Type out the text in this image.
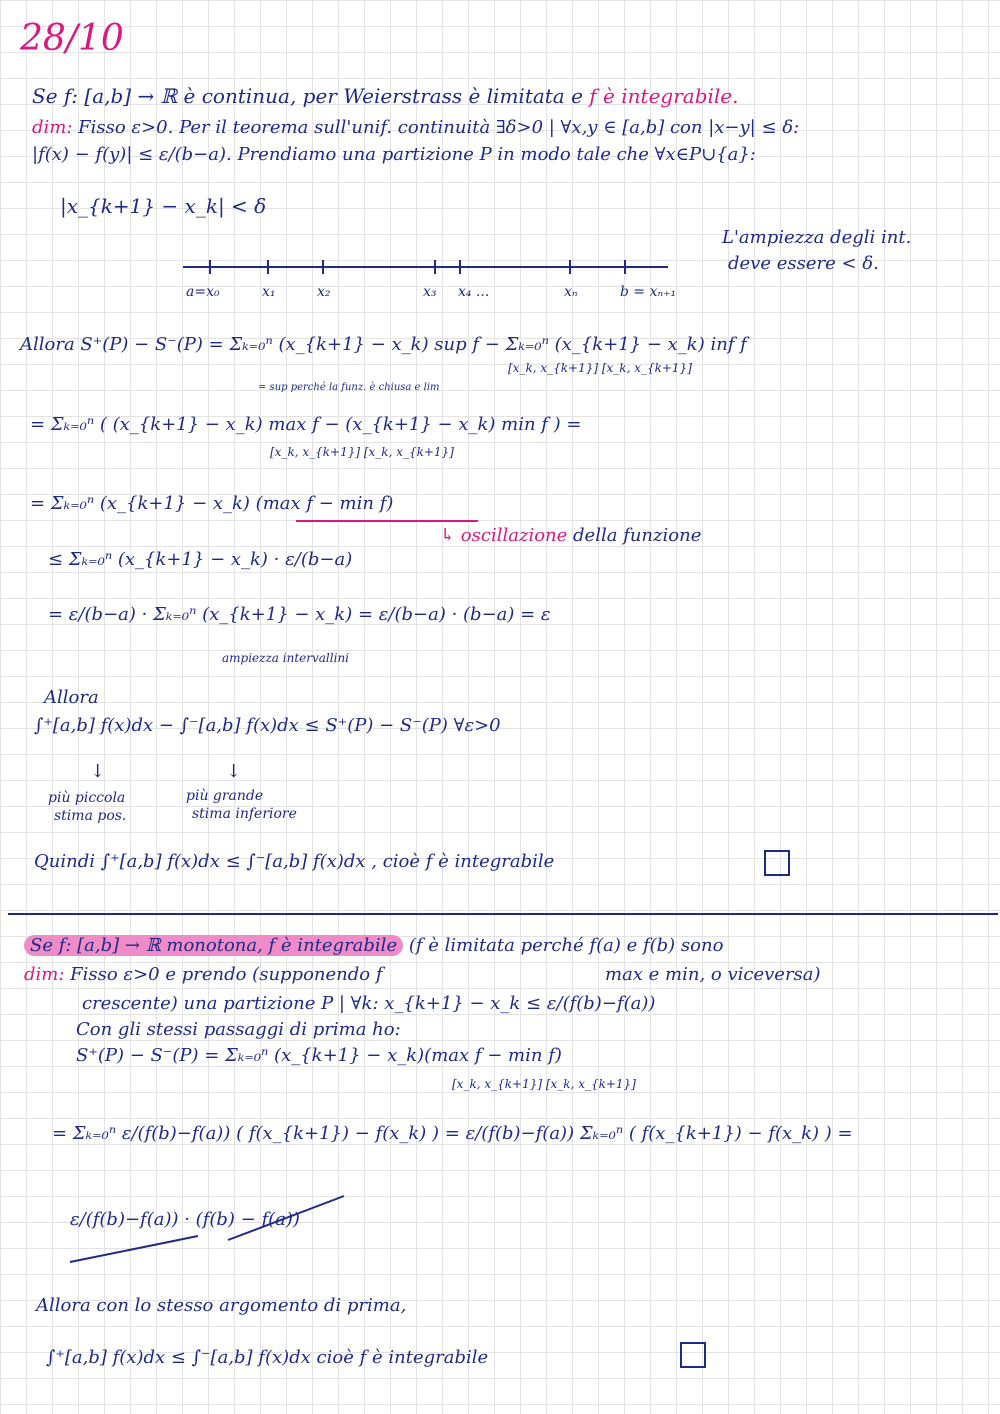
28/10
Se f: [a,b] → ℝ è continua, per Weierstrass è limitata e f è integrabile.
dim: Fisso ε>0. Per il teorema sull'unif. continuità ∃δ>0 | ∀x,y ∈ [a,b] con |x−y| ≤ δ:
|f(x) − f(y)| ≤ ε/(b−a). Prendiamo una partizione P in modo tale che ∀x∈P∪{a}:
|x_{k+1} − x_k| < δ
L'ampiezza degli int.
deve essere < δ.
a=x₀	x₁	x₂	x₃ x₄ ...	xₙ	b = xₙ₊₁
Allora S⁺(P) − S⁻(P) = Σₖ₌₀ⁿ (x_{k+1} − x_k) sup f − Σₖ₌₀ⁿ (x_{k+1} − x_k) inf f
[x_k, x_{k+1}] [x_k, x_{k+1}]
= sup perché la funz. è chiusa e lim
= Σₖ₌₀ⁿ ( (x_{k+1} − x_k) max f − (x_{k+1} − x_k) min f ) =
[x_k, x_{k+1}] [x_k, x_{k+1}]
= Σₖ₌₀ⁿ (x_{k+1} − x_k) (max f − min f)
↳ oscillazione della funzione
≤ Σₖ₌₀ⁿ (x_{k+1} − x_k) · ε/(b−a)
= ε/(b−a) · Σₖ₌₀ⁿ (x_{k+1} − x_k) = ε/(b−a) · (b−a) = ε
ampiezza intervallini
Allora
∫⁺[a,b] f(x)dx − ∫⁻[a,b] f(x)dx ≤ S⁺(P) − S⁻(P) ∀ε>0
↓	↓
più piccola
stima pos.
più grande
stima inferiore
Quindi ∫⁺[a,b] f(x)dx ≤ ∫⁻[a,b] f(x)dx , cioè f è integrabile
Se f: [a,b] → ℝ monotona, f è integrabile (f è limitata perché f(a) e f(b) sono
dim: Fisso ε>0 e prendo (supponendo f	max e min, o viceversa)
crescente) una partizione P | ∀k: x_{k+1} − x_k ≤ ε/(f(b)−f(a))
Con gli stessi passaggi di prima ho:
S⁺(P) − S⁻(P) = Σₖ₌₀ⁿ (x_{k+1} − x_k)(max f − min f)
[x_k, x_{k+1}] [x_k, x_{k+1}]
= Σₖ₌₀ⁿ ε/(f(b)−f(a)) ( f(x_{k+1}) − f(x_k) ) = ε/(f(b)−f(a)) Σₖ₌₀ⁿ ( f(x_{k+1}) − f(x_k) ) =
ε/(f(b)−f(a)) · (f(b) − f(a))
Allora con lo stesso argomento di prima,
∫⁺[a,b] f(x)dx ≤ ∫⁻[a,b] f(x)dx cioè f è integrabile
